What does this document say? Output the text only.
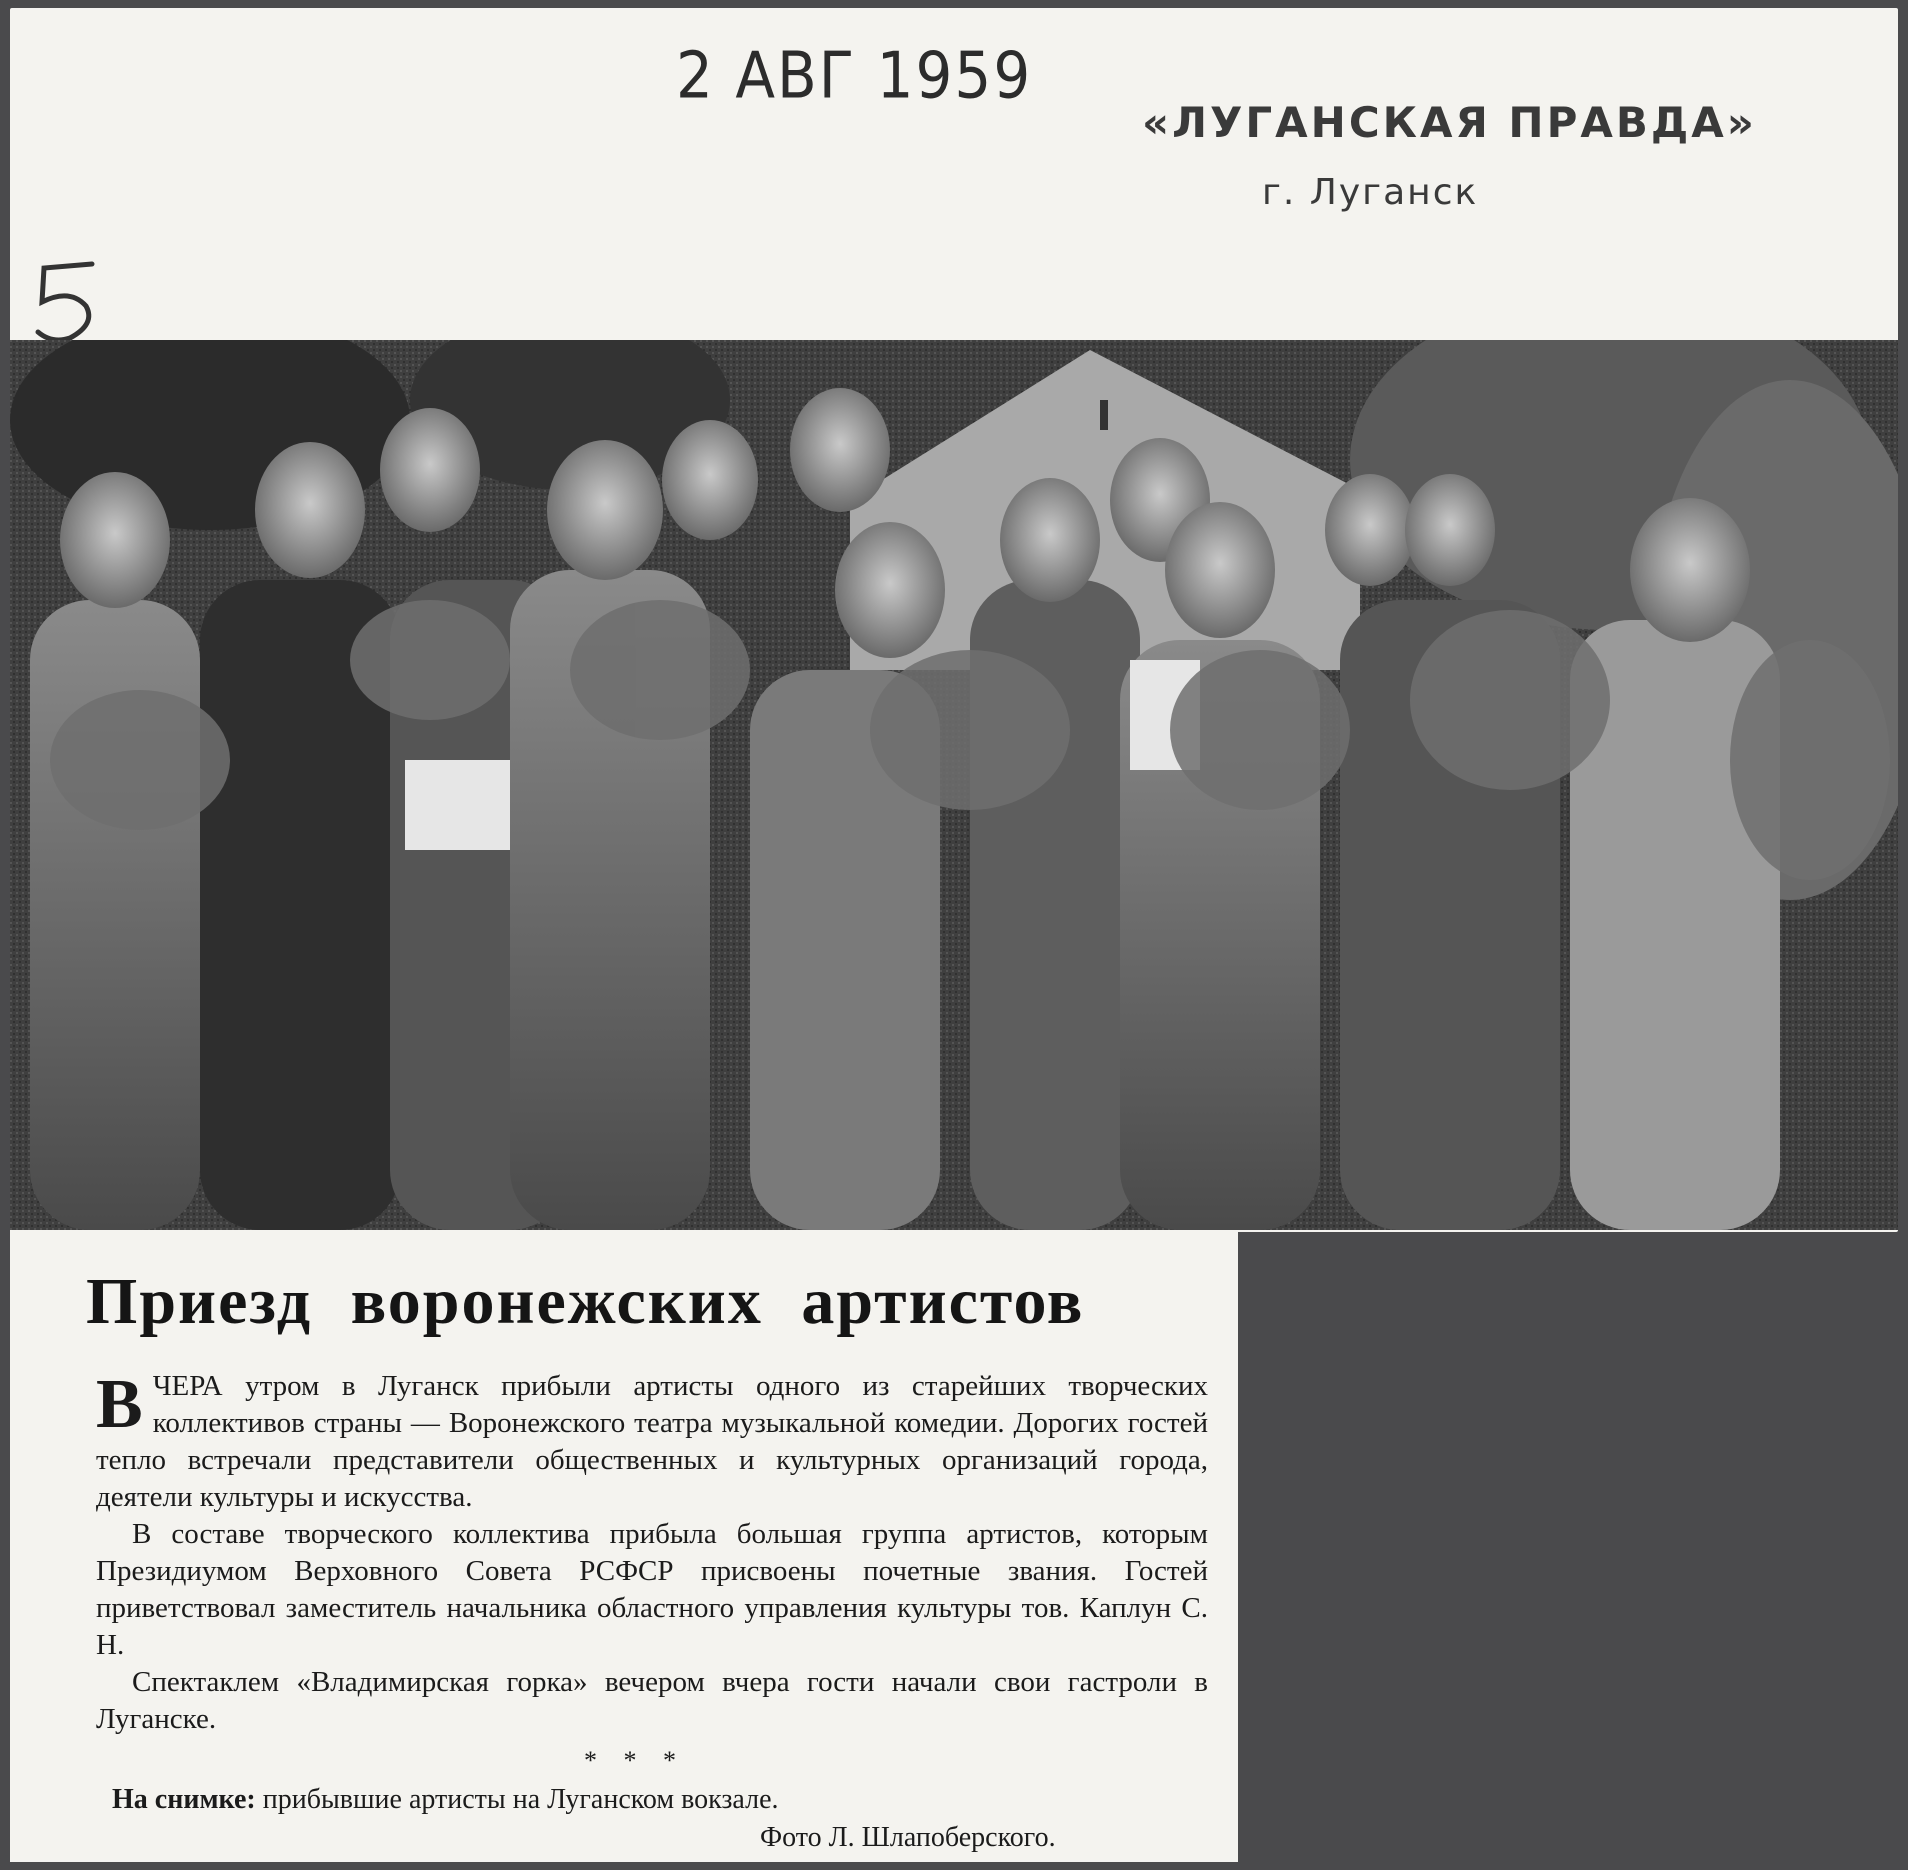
2 АВГ 1959
«ЛУГАНСКАЯ ПРАВДА»
г. Луганск
Приезд воронежских артистов

ВЧЕРА утром в Луганск прибыли артисты одного из старейших творческих коллективов страны — Воронежского театра музыкальной комедии. Дорогих гостей тепло встречали представители общественных и культурных организаций города, деятели культуры и искусства.

В составе творческого коллектива прибыла большая группа артистов, которым Президиумом Верховного Совета РСФСР присвоены почетные звания. Гостей приветствовал заместитель начальника областного управления культуры тов. Каплун С. Н.

Спектаклем «Владимирская горка» вечером вчера гости начали свои гастроли в Луганске.

* * *
На снимке: прибывшие артисты на Луганском вокзале.
Фото Л. Шлапоберского.
